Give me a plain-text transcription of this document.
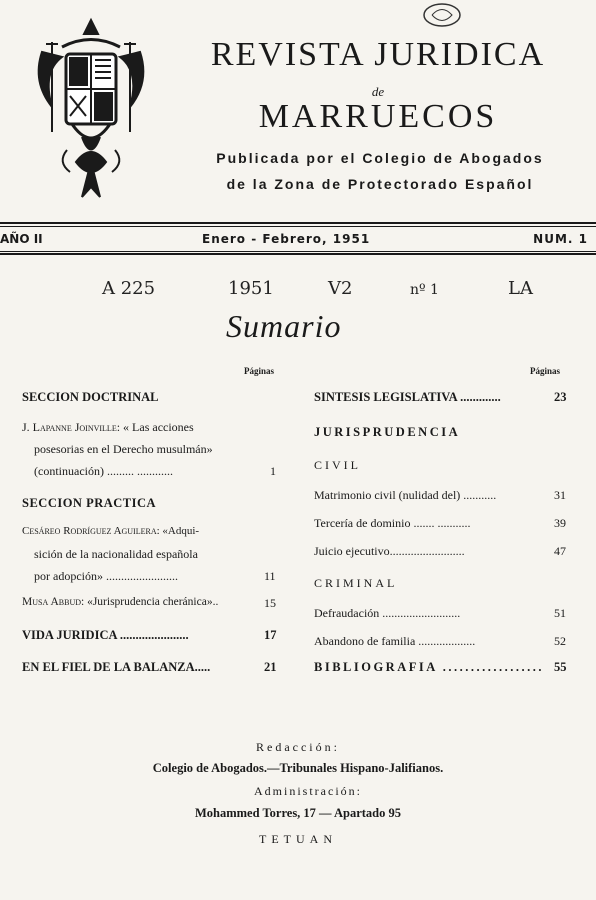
REVISTA JURIDICA
de
MARRUECOS
Publicada por el Colegio de Abogados
de la Zona de Protectorado Español
AÑO II	Enero - Febrero, 1951	NUM. 1
A 225	1951	V2	nº 1	LA
Sumario
Páginas	Páginas
SECCION DOCTRINAL
J. Lapanne Joinville: « Las acciones
posesorias en el Derecho musulmán»
(continuación) ......... ............	1
SECCION PRACTICA
Cesáreo Rodríguez Aguilera: «Adqui-
sición de la nacionalidad española
por adopción» ........................	11
Musa Abbud: «Jurisprudencia cheránica»..	15
VIDA JURIDICA ......................	17
EN EL FIEL DE LA BALANZA.....	21
SINTESIS LEGISLATIVA .............	23
JURISPRUDENCIA
CIVIL
Matrimonio civil (nulidad del) ...........	31
Tercería de dominio ....... ...........	39
Juicio ejecutivo.........................	47
CRIMINAL
Defraudación ..........................	51
Abandono de familia ...................	52
BIBLIOGRAFIA .................. 55
Redacción:
Colegio de Abogados.—Tribunales Hispano-Jalifianos.
Administración:
Mohammed Torres, 17 — Apartado 95
TETUAN
